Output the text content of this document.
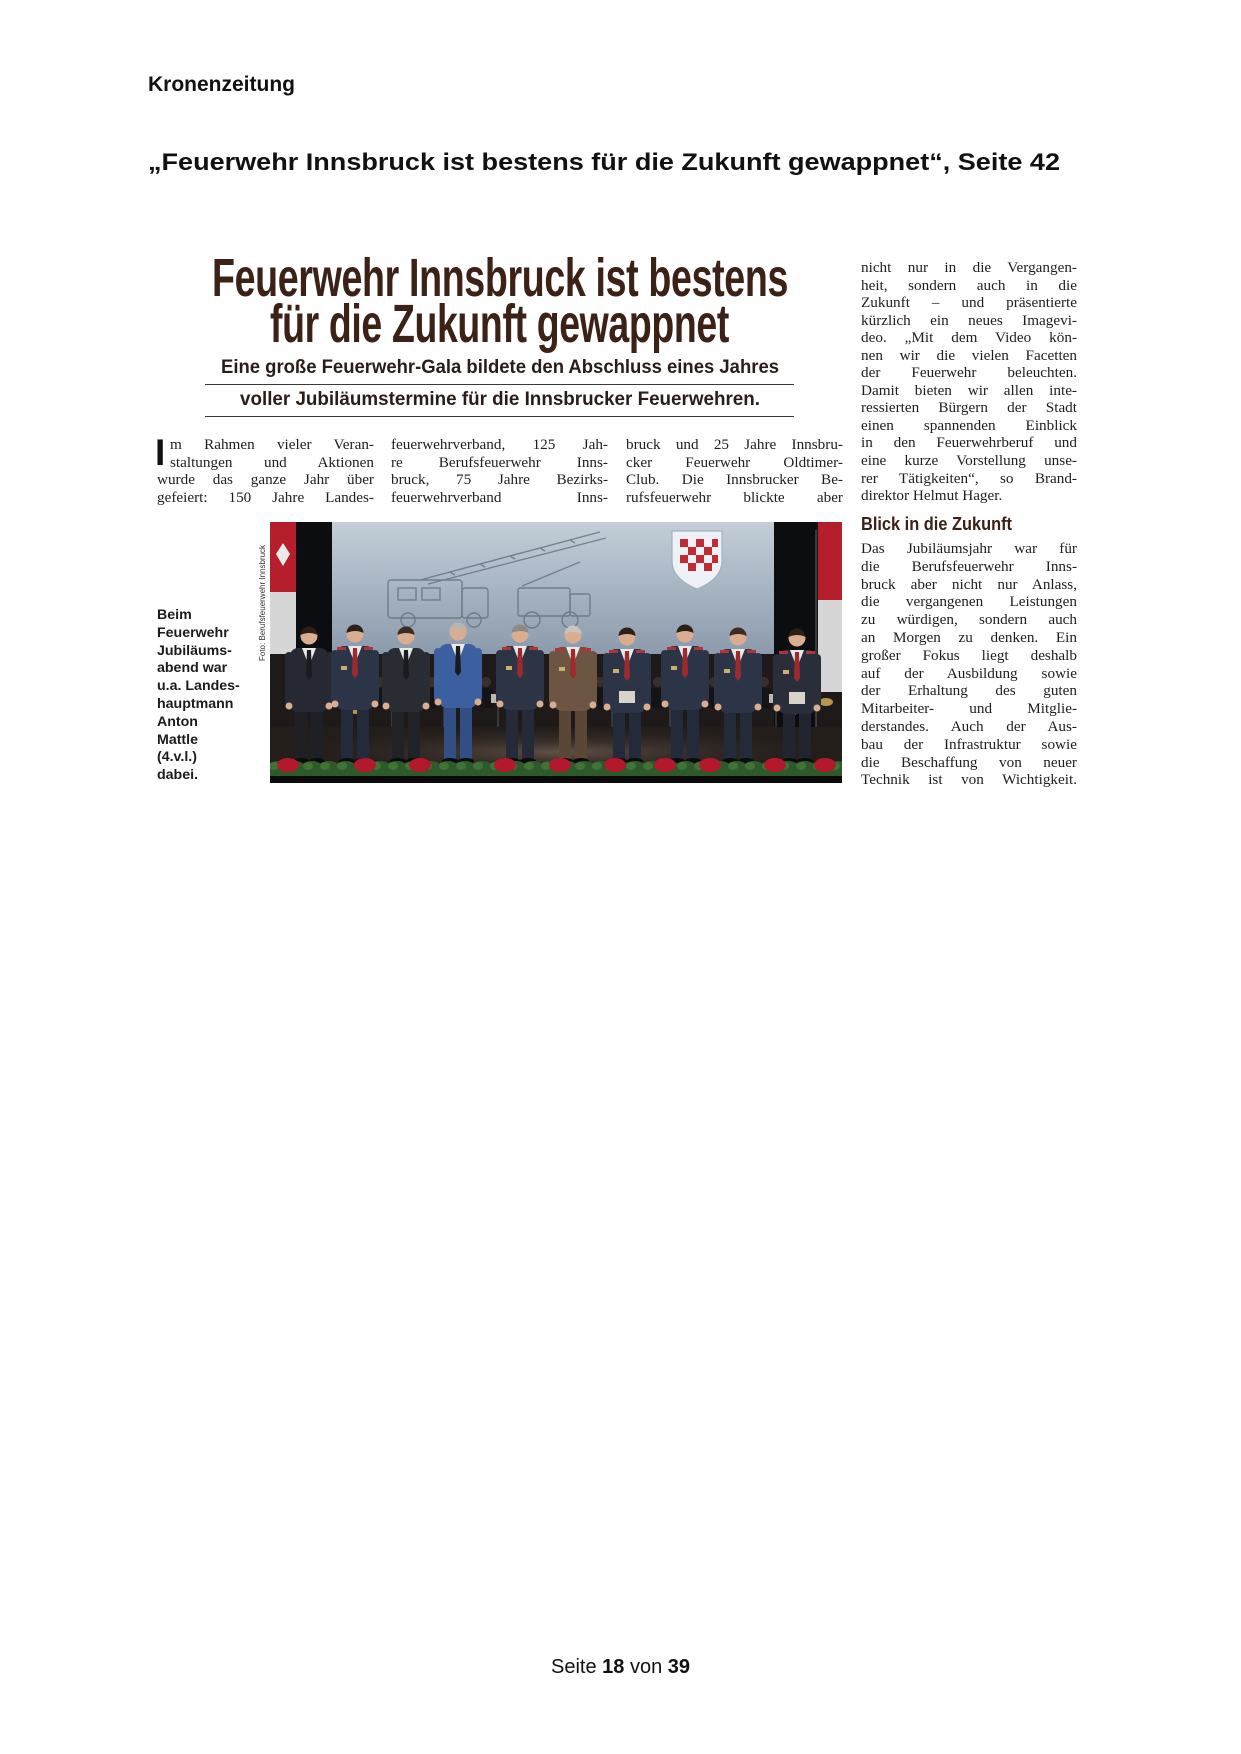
Kronenzeitung
„Feuerwehr Innsbruck ist bestens für die Zukunft gewappnet“, Seite 42
Feuerwehr Innsbruck ist bestens
für die Zukunft gewappnet
Eine große Feuerwehr-Gala bildete den Abschluss eines Jahres
voller Jubiläumstermine für die Innsbrucker Feuerwehren.
I m Rahmen vieler Veran-
staltungen und Aktionen
wurde das ganze Jahr über
gefeiert: 150 Jahre Landes-
feuerwehrverband, 125 Jah-
re Berufsfeuerwehr Inns-
bruck, 75 Jahre Bezirks-
feuerwehrverband Inns-
bruck und 25 Jahre Innsbru-
cker Feuerwehr Oldtimer-
Club. Die Innsbrucker Be-
rufsfeuerwehr blickte aber
nicht nur in die Vergangen-
heit, sondern auch in die
Zukunft – und präsentierte
kürzlich ein neues Imagevi-
deo. „Mit dem Video kön-
nen wir die vielen Facetten
der Feuerwehr beleuchten.
Damit bieten wir allen inte-
ressierten Bürgern der Stadt
einen spannenden Einblick
in den Feuerwehrberuf und
eine kurze Vorstellung unse-
rer Tätigkeiten“, so Brand-
direktor Helmut Hager.
Blick in die Zukunft
Das Jubiläumsjahr war für
die Berufsfeuerwehr Inns-
bruck aber nicht nur Anlass,
die vergangenen Leistungen
zu würdigen, sondern auch
an Morgen zu denken. Ein
großer Fokus liegt deshalb
auf der Ausbildung sowie
der Erhaltung des guten
Mitarbeiter- und Mitglie-
derstandes. Auch der Aus-
bau der Infrastruktur sowie
die Beschaffung von neuer
Technik ist von Wichtigkeit.
Beim
Feuerwehr
Jubiläums-
abend war
u.a. Landes-
hauptmann
Anton
Mattle
(4.v.l.)
dabei.
Foto: Berufsfeuerwehr Innsbruck
Seite 18 von 39
